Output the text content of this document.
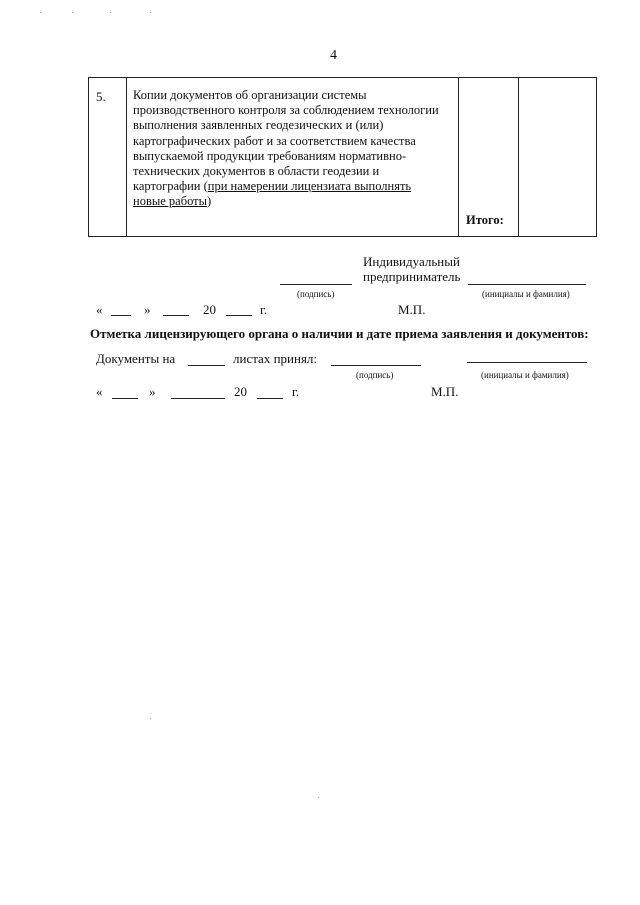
4
5. Копии документов об организации системы
производственного контроля за соблюдением технологии
выполнения заявленных геодезических и (или)
картографических работ и за соответствием качества
выпускаемой продукции требованиям нормативно-
технических документов в области геодезии и
картографии (при намерении лицензиата выполнять
новые работы)
Итого:
Индивидуальный
предприниматель
(подпись)	(инициалы и фамилия)
«	»	20	г.	М.П.
Отметка лицензирующего органа о наличии и дате приема заявления и документов:
Документы на	листах принял:
(подпись)	(инициалы и фамилия)
«	»	20	г.	М.П.
